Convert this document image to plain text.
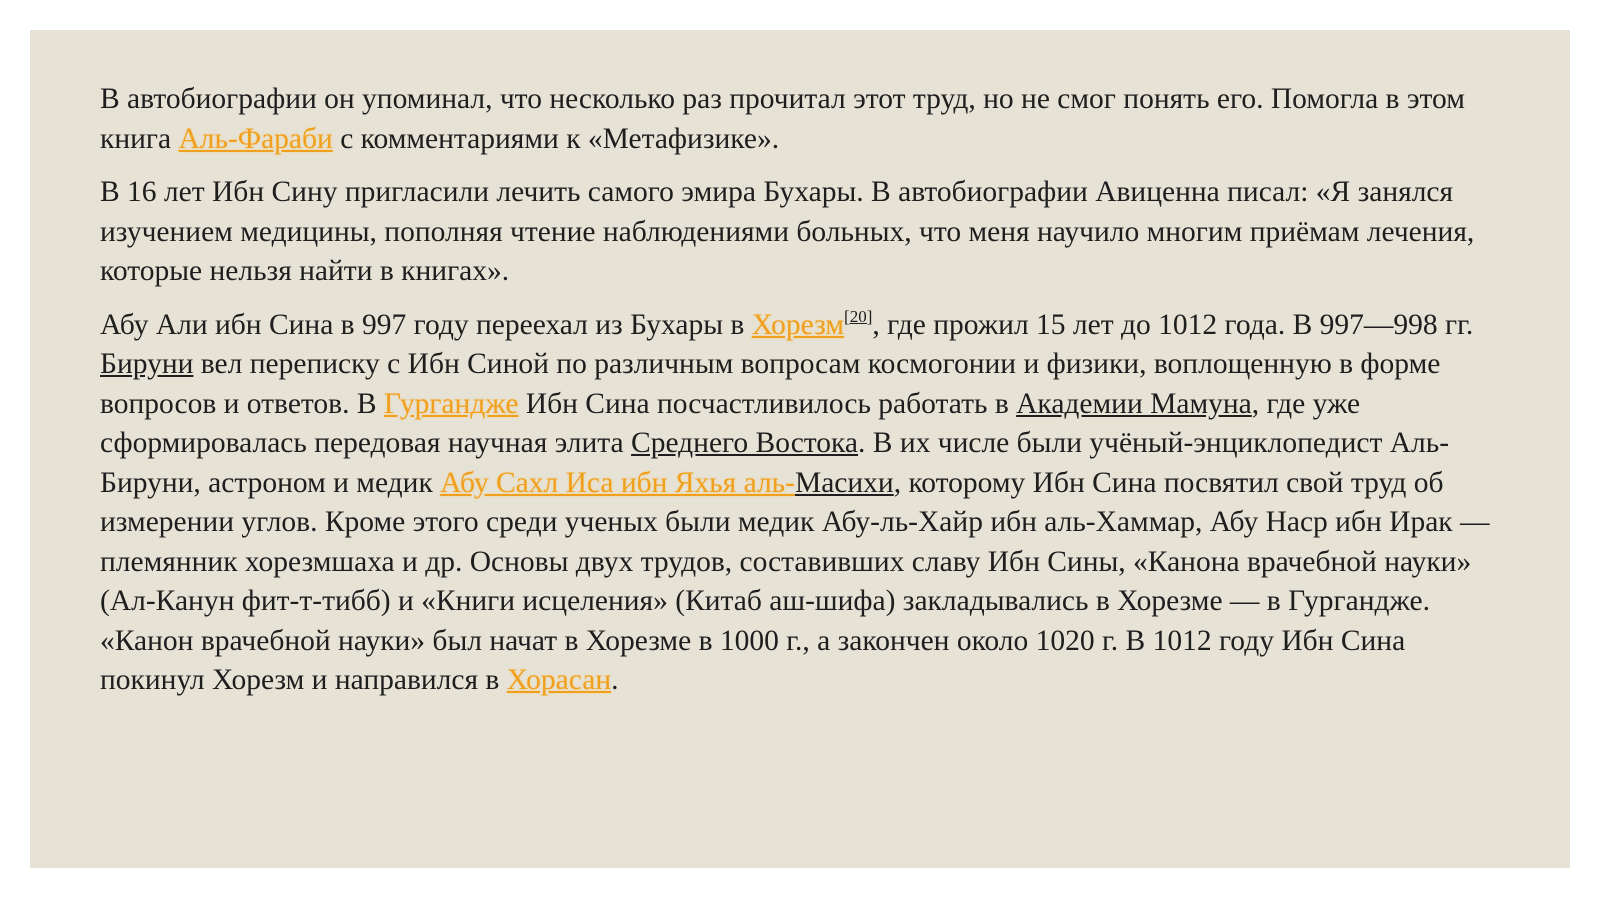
В автобиографии он упоминал, что несколько раз прочитал этот труд, но не смог понять его. Помогла в этом книга Аль-Фараби с комментариями к «Метафизике».

В 16 лет Ибн Сину пригласили лечить самого эмира Бухары. В автобиографии Авиценна писал: «Я занялся изучением медицины, пополняя чтение наблюдениями больных, что меня научило многим приёмам лечения, которые нельзя найти в книгах».

Абу Али ибн Сина в 997 году переехал из Бухары в Хорезм[20], где прожил 15 лет до 1012 года. В 997—998 гг. Бируни вел переписку с Ибн Синой по различным вопросам космогонии и физики, воплощенную в форме вопросов и ответов. В Гургандже Ибн Сина посчастливилось работать в Академии Мамуна, где уже сформировалась передовая научная элита Среднего Востока. В их числе были учёный-энциклопедист Аль-Бируни, астроном и медик Абу Сахл Иса ибн Яхья аль-Масихи, которому Ибн Сина посвятил свой труд об измерении углов. Кроме этого среди ученых были медик Абу-ль-Хайр ибн аль-Хаммар, Абу Наср ибн Ирак — племянник хорезмшаха и др. Основы двух трудов, составивших славу Ибн Сины, «Канона врачебной науки» (Ал-Канун фит-т-тибб) и «Книги исцеления» (Китаб аш-шифа) закладывались в Хорезме — в Гургандже. «Канон врачебной науки» был начат в Хорезме в 1000 г., а закончен около 1020 г. В 1012 году Ибн Сина покинул Хорезм и направился в Хорасан.
